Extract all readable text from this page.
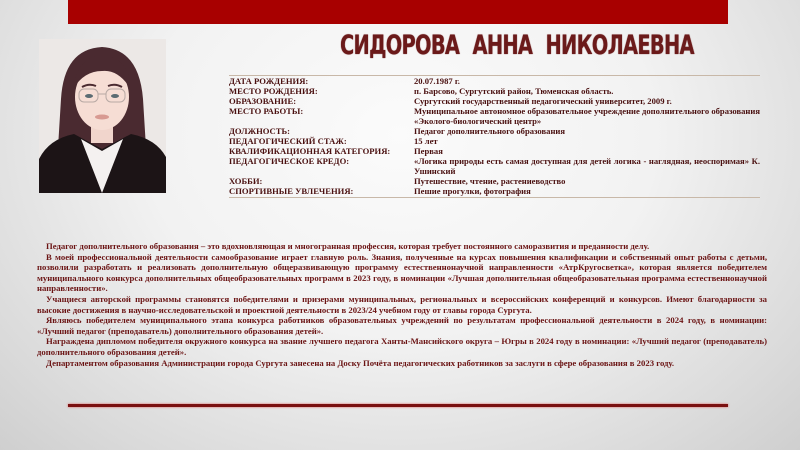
СИДОРОВА АННА НИКОЛАЕВНА
ДАТА РОЖДЕНИЯ:	20.07.1987 г.
МЕСТО РОЖДЕНИЯ:	п. Барсово, Сургутский район, Тюменская область.
ОБРАЗОВАНИЕ:	Сургутский государственный педагогический университет, 2009 г.
МЕСТО РАБОТЫ:	Муниципальное автономное образовательное учреждение дополнительного образования «Эколого-биологический центр»
ДОЛЖНОСТЬ:	Педагог дополнительного образования
ПЕДАГОГИЧЕСКИЙ СТАЖ:	15 лет
КВАЛИФИКАЦИОННАЯ КАТЕГОРИЯ:	Первая
ПЕДАГОГИЧЕСКОЕ КРЕДО:	«Логика природы есть самая доступная для детей логика - наглядная, неоспоримая» К. Ушинский
ХОББИ:	Путешествие, чтение, растениеводство
СПОРТИВНЫЕ УВЛЕЧЕНИЯ:	Пешие прогулки, фотография

Педагог дополнительного образования – это вдохновляющая и многогранная профессия, которая требует постоянного саморазвития и преданности делу.

В моей профессиональной деятельности самообразование играет главную роль. Знания, полученные на курсах повышения квалификации и собственный опыт работы с детьми, позволили разработать и реализовать дополнительную общеразвивающую программу естественнонаучной направленности «АтрКругосветка», которая является победителем муниципального конкурса дополнительных общеобразовательных программ в 2023 году, в номинации «Лучшая дополнительная общеобразовательная программа естественнонаучной направленности».

Учащиеся авторской программы становятся победителями и призерами муниципальных, региональных и всероссийских конференций и конкурсов. Имеют благодарности за высокие достижения в научно-исследовательской и проектной деятельности в 2023/24 учебном году от главы города Сургута.

Являюсь победителем муниципального этапа конкурса работников образовательных учреждений по результатам профессиональной деятельности в 2024 году, в номинации: «Лучший педагог (преподаватель) дополнительного образования детей».

Награждена дипломом победителя окружного конкурса на звание лучшего педагога Ханты-Мансийского округа – Югры в 2024 году в номинации: «Лучший педагог (преподаватель) дополнительного образования детей».

Департаментом образования Администрации города Сургута занесена на Доску Почёта педагогических работников за заслуги в сфере образования в 2023 году.
